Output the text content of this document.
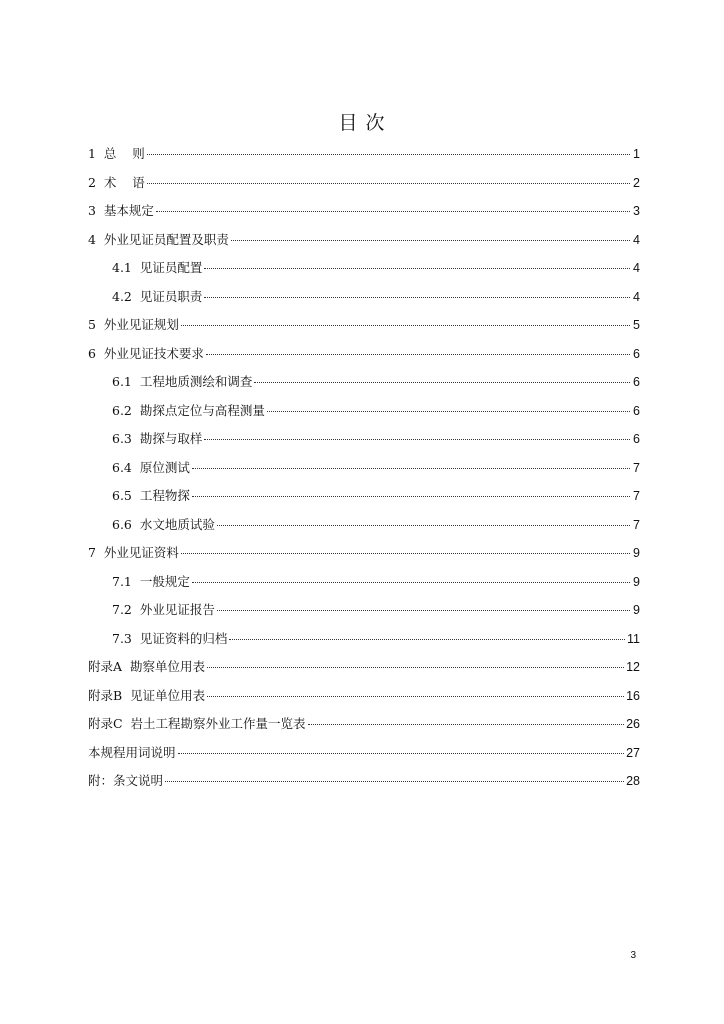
目 次
1 总    则	1
2 术    语	2
3 基本规定	3
4 外业见证员配置及职责	4
4.1 见证员配置	4
4.2 见证员职责	4
5 外业见证规划	5
6 外业见证技术要求	6
6.1 工程地质测绘和调查	6
6.2 勘探点定位与高程测量	6
6.3 勘探与取样	6
6.4 原位测试	7
6.5 工程物探	7
6.6 水文地质试验	7
7 外业见证资料	9
7.1 一般规定	9
7.2 外业见证报告	9
7.3 见证资料的归档	11
附录A 勘察单位用表	12
附录B 见证单位用表	16
附录C 岩土工程勘察外业工作量一览表	26
本规程用词说明	27
附：条文说明	28
3
